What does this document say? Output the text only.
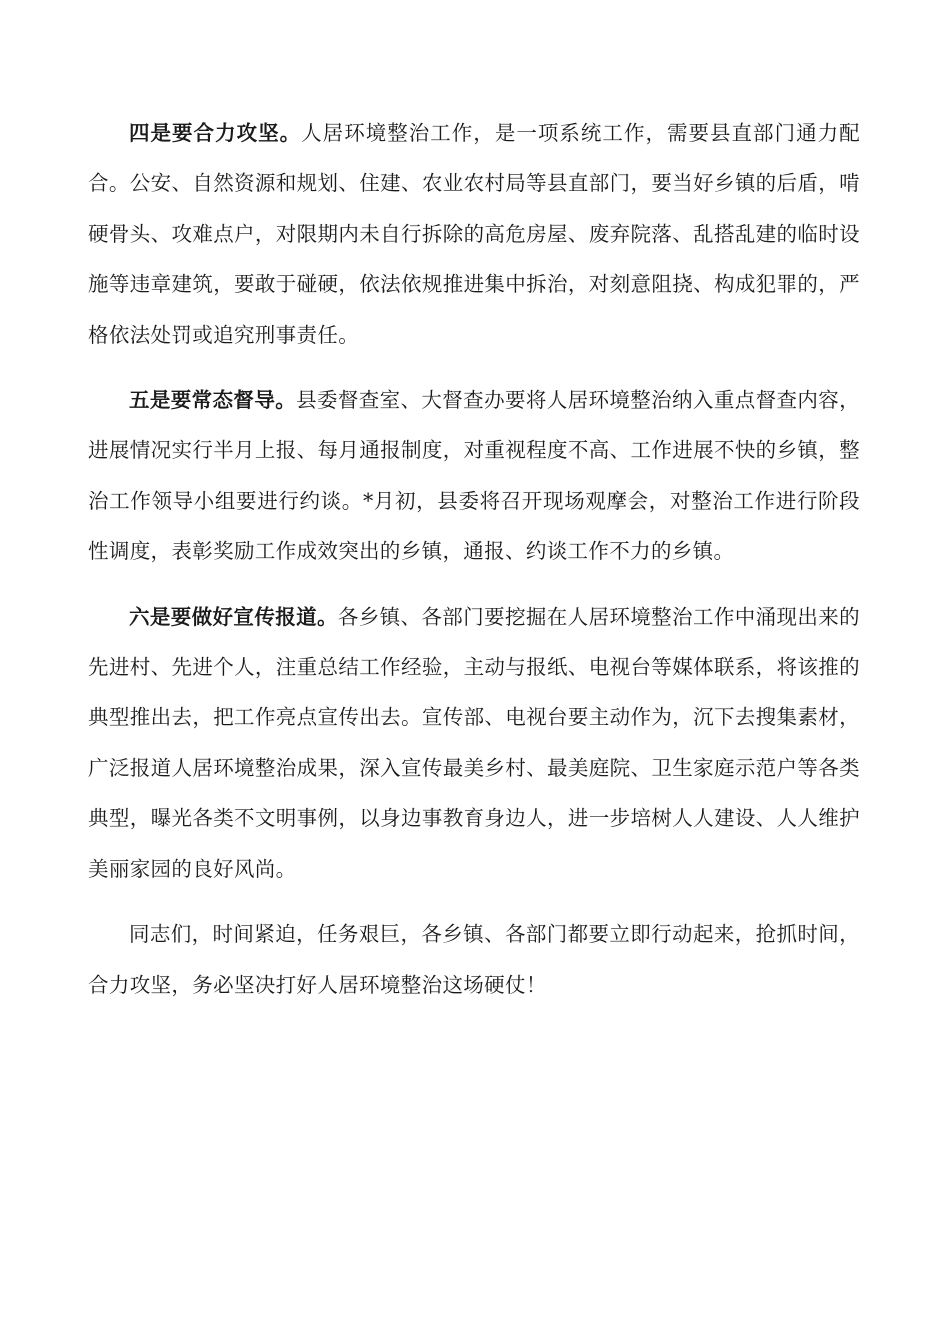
四是要合力攻坚。人居环境整治工作，是一项系统工作，需要县直部门通力配合。公安、自然资源和规划、住建、农业农村局等县直部门，要当好乡镇的后盾，啃硬骨头、攻难点户，对限期内未自行拆除的高危房屋、废弃院落、乱搭乱建的临时设施等违章建筑，要敢于碰硬，依法依规推进集中拆治，对刻意阻挠、构成犯罪的，严格依法处罚或追究刑事责任。

五是要常态督导。县委督查室、大督查办要将人居环境整治纳入重点督查内容，进展情况实行半月上报、每月通报制度，对重视程度不高、工作进展不快的乡镇，整治工作领导小组要进行约谈。*月初，县委将召开现场观摩会，对整治工作进行阶段性调度，表彰奖励工作成效突出的乡镇，通报、约谈工作不力的乡镇。

六是要做好宣传报道。各乡镇、各部门要挖掘在人居环境整治工作中涌现出来的先进村、先进个人，注重总结工作经验，主动与报纸、电视台等媒体联系，将该推的典型推出去，把工作亮点宣传出去。宣传部、电视台要主动作为，沉下去搜集素材，广泛报道人居环境整治成果，深入宣传最美乡村、最美庭院、卫生家庭示范户等各类典型，曝光各类不文明事例，以身边事教育身边人，进一步培树人人建设、人人维护美丽家园的良好风尚。

同志们，时间紧迫，任务艰巨，各乡镇、各部门都要立即行动起来，抢抓时间，合力攻坚，务必坚决打好人居环境整治这场硬仗！
